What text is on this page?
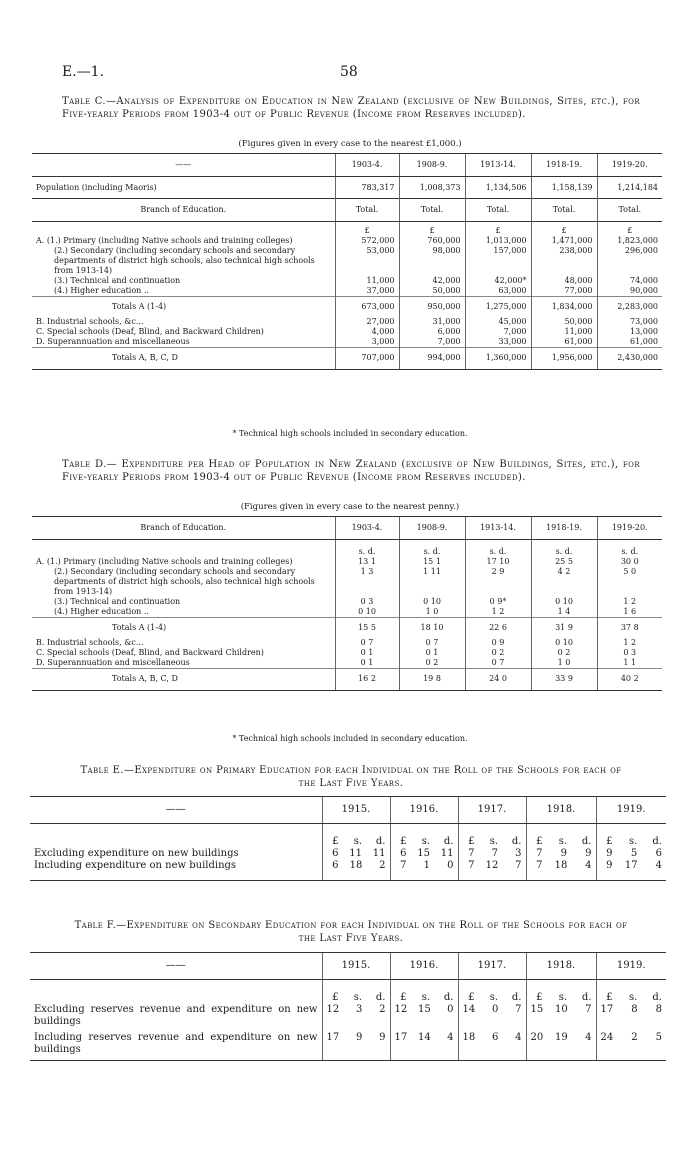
E.—1.	58
Table C.—Analysis of Expenditure on Education in New Zealand (exclusive of New Buildings, Sites, etc.), for Five-yearly Periods from 1903-4 out of Public Revenue (Income from Reserves included).
(Figures given in every case to the nearest £1,000.)
——	1903-4.	1908-9.	1913-14.	1918-19.	1919-20.
Population (including Maoris)	783,317	1,008,373	1,134,506	1,158,139	1,214,184
Branch of Education.	Total.	Total.	Total.	Total.	Total.
	£	£	£	£	£
A. (1.) Primary (including Native schools and training colleges)	572,000	760,000	1,013,000	1,471,000	1,823,000
(2.) Secondary (including secondary schools and secondary departments of district high schools, also technical high schools from 1913-14)	53,000	98,000	157,000	238,000	296,000
(3.) Technical and continuation	11,000	42,000	42,000*	48,000	74,000
(4.) Higher education ..	37,000	50,000	63,000	77,000	90,000
Totals A (1-4)	673,000	950,000	1,275,000	1,834,000	2,283,000
B. Industrial schools, &c...	27,000	31,000	45,000	50,000	73,000
C. Special schools (Deaf, Blind, and Backward Children)	4,000	6,000	7,000	11,000	13,000
D. Superannuation and miscellaneous	3,000	7,000	33,000	61,000	61,000
Totals A, B, C, D	707,000	994,000	1,360,000	1,956,000	2,430,000
* Technical high schools included in secondary education.
Table D.— Expenditure per Head of Population in New Zealand (exclusive of New Buildings, Sites, etc.), for Five-yearly Periods from 1903-4 out of Public Revenue (Income from Reserves included).
(Figures given in every case to the nearest penny.)
Branch of Education.	1903-4.	1908-9.	1913-14.	1918-19.	1919-20.
	s. d.	s. d.	s. d.	s. d.	s. d.
A. (1.) Primary (including Native schools and training colleges)	13 1	15 1	17 10	25 5	30 0
(2.) Secondary (including secondary schools and secondary departments of district high schools, also technical high schools from 1913-14)	1 3	1 11	2 9	4 2	5 0
(3.) Technical and continuation	0 3	0 10	0 9*	0 10	1 2
(4.) Higher education ..	0 10	1 0	1 2	1 4	1 6
Totals A (1-4)	15 5	18 10	22 6	31 9	37 8
B. Industrial schools, &c...	0 7	0 7	0 9	0 10	1 2
C. Special schools (Deaf, Blind, and Backward Children)	0 1	0 1	0 2	0 2	0 3
D. Superannuation and miscellaneous	0 1	0 2	0 7	1 0	1 1
Totals A, B, C, D	16 2	19 8	24 0	33 9	40 2
* Technical high schools included in secondary education.
Table E.—Expenditure on Primary Education for each Individual on the Roll of the Schools for each of the Last Five Years.
——	1915.	1916.	1917.	1918.	1919.

	£ s. d.	£ s. d.	£ s. d.	£ s. d.	£ s. d.

Excluding expenditure on new buildings	6 11 11	6 15 11	7 7 3	7 9 9	9 5 6

Including expenditure on new buildings	6 18 2	7 1 0	7 12 7	7 18 4	9 17 4
Table F.—Expenditure on Secondary Education for each Individual on the Roll of the Schools for each of the Last Five Years.
——	1915.	1916.	1917.	1918.	1919.

	£ s. d.	£ s. d.	£ s. d.	£ s. d.	£ s. d.

Excluding reserves revenue and expenditure on new buildings	12 3 2	12 15 0	14 0 7	15 10 7	17 8 8

Including reserves revenue and expenditure on new buildings	17 9 9	17 14 4	18 6 4	20 19 4	24 2 5
